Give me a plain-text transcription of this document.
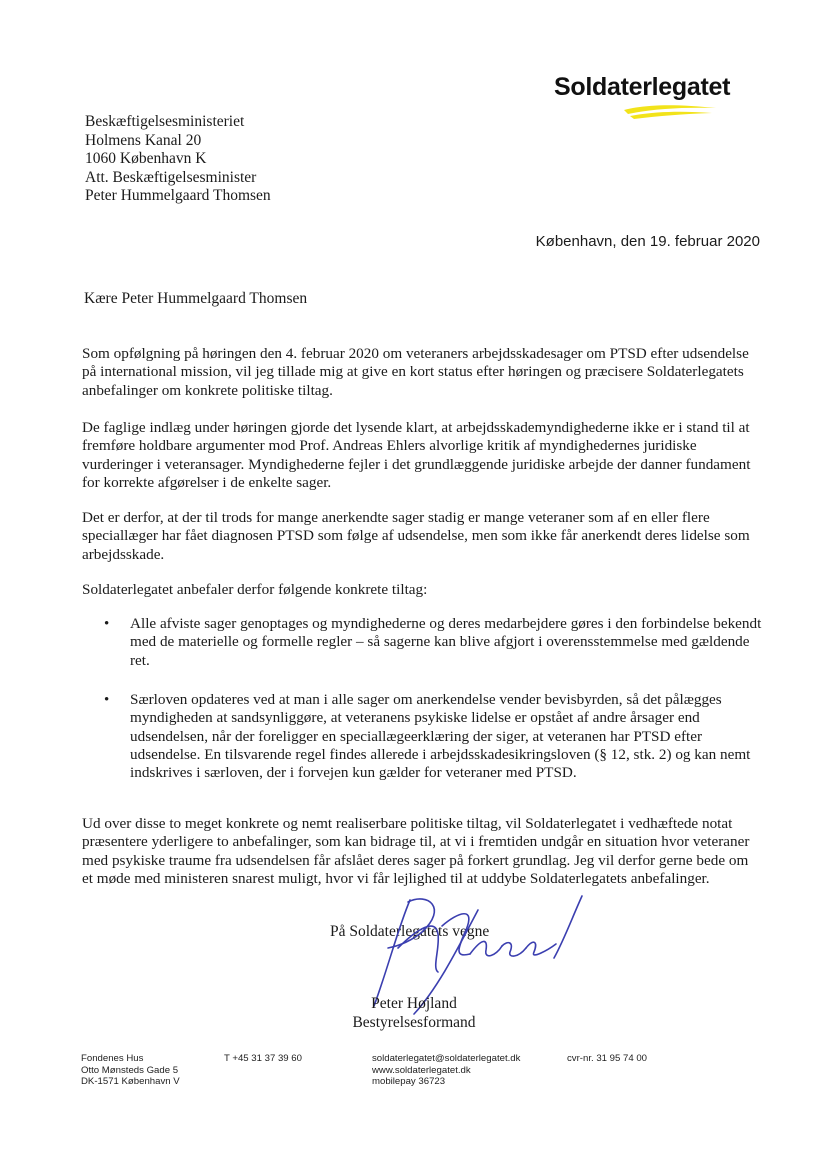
Soldaterlegatet
Beskæftigelsesministeriet
Holmens Kanal 20
1060 København K
Att. Beskæftigelsesminister
Peter Hummelgaard Thomsen
København, den 19. februar 2020
Kære Peter Hummelgaard Thomsen
Som opfølgning på høringen den 4. februar 2020 om veteraners arbejdsskadesager om PTSD efter udsendelse på international mission, vil jeg tillade mig at give en kort status efter høringen og præcisere Soldaterlegatets anbefalinger om konkrete politiske tiltag.
De faglige indlæg under høringen gjorde det lysende klart, at arbejdsskademyndighederne ikke er i stand til at fremføre holdbare argumenter mod Prof. Andreas Ehlers alvorlige kritik af myndighedernes juridiske vurderinger i veteransager. Myndighederne fejler i det grundlæggende juridiske arbejde der danner fundament for korrekte afgørelser i de enkelte sager.
Det er derfor, at der til trods for mange anerkendte sager stadig er mange veteraner som af en eller flere speciallæger har fået diagnosen PTSD som følge af udsendelse, men som ikke får anerkendt deres lidelse som arbejdsskade.
Soldaterlegatet anbefaler derfor følgende konkrete tiltag:
• Alle afviste sager genoptages og myndighederne og deres medarbejdere gøres i den forbindelse bekendt med de materielle og formelle regler – så sagerne kan blive afgjort i overensstemmelse med gældende ret.
• Særloven opdateres ved at man i alle sager om anerkendelse vender bevisbyrden, så det pålægges myndigheden at sandsynliggøre, at veteranens psykiske lidelse er opstået af andre årsager end udsendelsen, når der foreligger en speciallægeerklæring der siger, at veteranen har PTSD efter udsendelse. En tilsvarende regel findes allerede i arbejdsskadesikringsloven (§ 12, stk. 2) og kan nemt indskrives i særloven, der i forvejen kun gælder for veteraner med PTSD.
Ud over disse to meget konkrete og nemt realiserbare politiske tiltag, vil Soldaterlegatet i vedhæftede notat præsentere yderligere to anbefalinger, som kan bidrage til, at vi i fremtiden undgår en situation hvor veteraner med psykiske traume fra udsendelsen får afslået deres sager på forkert grundlag. Jeg vil derfor gerne bede om et møde med ministeren snarest muligt, hvor vi får lejlighed til at uddybe Soldaterlegatets anbefalinger.
På Soldaterlegatets vegne
Peter Højland
Bestyrelsesformand
Fondenes Hus
Otto Mønsteds Gade 5
DK-1571 København V
T +45 31 37 39 60	soldaterlegatet@soldaterlegatet.dk
www.soldaterlegatet.dk
mobilepay 36723
cvr-nr. 31 95 74 00
